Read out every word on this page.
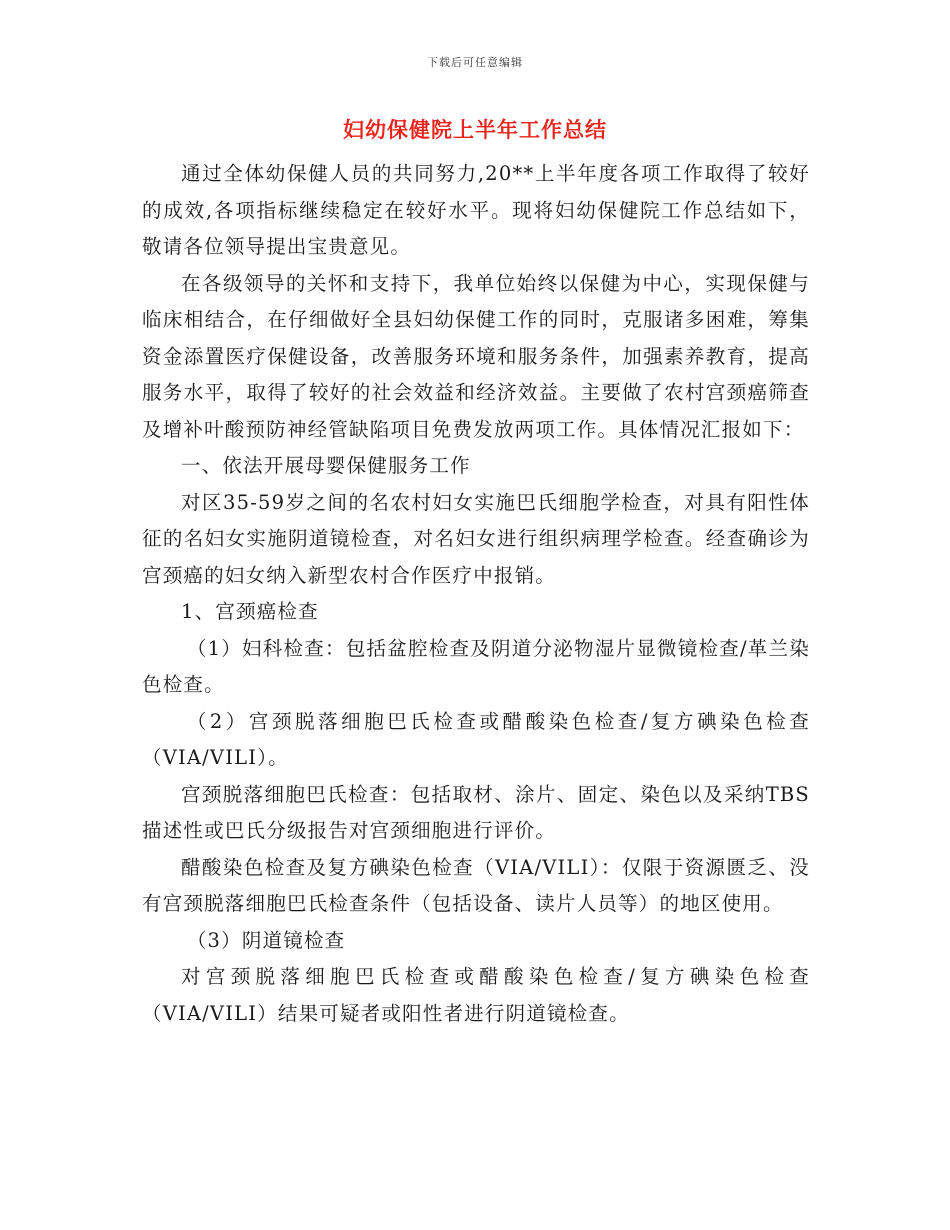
下载后可任意编辑
妇幼保健院上半年工作总结

通过全体幼保健人员的共同努力,20**上半年度各项工作取得了较好的成效,各项指标继续稳定在较好水平。现将妇幼保健院工作总结如下，敬请各位领导提出宝贵意见。

在各级领导的关怀和支持下，我单位始终以保健为中心，实现保健与临床相结合，在仔细做好全县妇幼保健工作的同时，克服诸多困难，筹集资金添置医疗保健设备，改善服务环境和服务条件，加强素养教育，提高服务水平，取得了较好的社会效益和经济效益。主要做了农村宫颈癌筛查及增补叶酸预防神经管缺陷项目免费发放两项工作。具体情况汇报如下：

一、依法开展母婴保健服务工作

对区35-59岁之间的名农村妇女实施巴氏细胞学检查，对具有阳性体征的名妇女实施阴道镜检查，对名妇女进行组织病理学检查。经查确诊为宫颈癌的妇女纳入新型农村合作医疗中报销。

1、宫颈癌检查

（1）妇科检查：包括盆腔检查及阴道分泌物湿片显微镜检查/革兰染色检查。

（2）宫颈脱落细胞巴氏检查或醋酸染色检查/复方碘染色检查（VIA/VILI）。

宫颈脱落细胞巴氏检查：包括取材、涂片、固定、染色以及采纳TBS描述性或巴氏分级报告对宫颈细胞进行评价。

醋酸染色检查及复方碘染色检查（VIA/VILI）：仅限于资源匮乏、没有宫颈脱落细胞巴氏检查条件（包括设备、读片人员等）的地区使用。

（3）阴道镜检查

对宫颈脱落细胞巴氏检查或醋酸染色检查/复方碘染色检查（VIA/VILI）结果可疑者或阳性者进行阴道镜检查。
